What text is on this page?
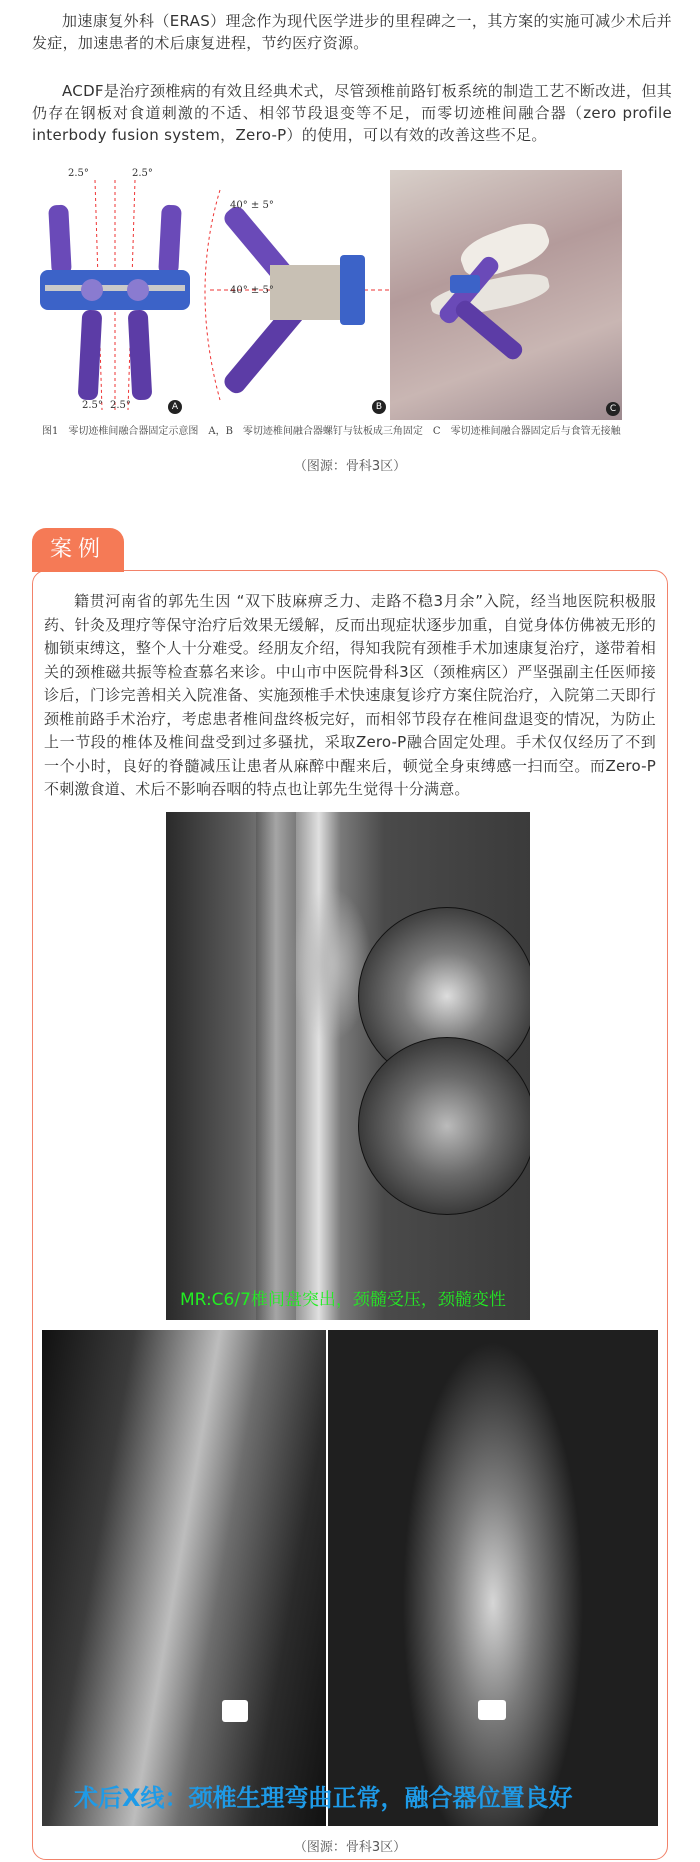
加速康复外科（ERAS）理念作为现代医学进步的里程碑之一，其方案的实施可减少术后并发症，加速患者的术后康复进程，节约医疗资源。

ACDF是治疗颈椎病的有效且经典术式，尽管颈椎前路钉板系统的制造工艺不断改进，但其仍存在钢板对食道刺激的不适、相邻节段退变等不足，而零切迹椎间融合器（zero profile interbody fusion system，Zero-P）的使用，可以有效的改善这些不足。

2.5°	2.5°
2.5° 2.5°	A
40° ± 5°
40° ± 5°
B	C
图1　零切迹椎间融合器固定示意图　A，B　零切迹椎间融合器螺钉与钛板成三角固定　C　零切迹椎间融合器固定后与食管无接触

（图源：骨科3区）

案例

籍贯河南省的郭先生因 “双下肢麻痹乏力、走路不稳3月余”入院，经当地医院积极服药、针灸及理疗等保守治疗后效果无缓解，反而出现症状逐步加重，自觉身体仿佛被无形的枷锁束缚这，整个人十分难受。经朋友介绍，得知我院有颈椎手术加速康复治疗，遂带着相关的颈椎磁共振等检查慕名来诊。中山市中医院骨科3区（颈椎病区）严坚强副主任医师接诊后，门诊完善相关入院准备、实施颈椎手术快速康复诊疗方案住院治疗，入院第二天即行颈椎前路手术治疗，考虑患者椎间盘终板完好，而相邻节段存在椎间盘退变的情况，为防止上一节段的椎体及椎间盘受到过多骚扰，采取Zero-P融合固定处理。手术仅仅经历了不到一个小时，良好的脊髓减压让患者从麻醉中醒来后，顿觉全身束缚感一扫而空。而Zero-P不刺激食道、术后不影响吞咽的特点也让郭先生觉得十分满意。

MR:C6/7椎间盘突出，颈髓受压，颈髓变性
术后X线：颈椎生理弯曲正常，融合器位置良好

（图源：骨科3区）
